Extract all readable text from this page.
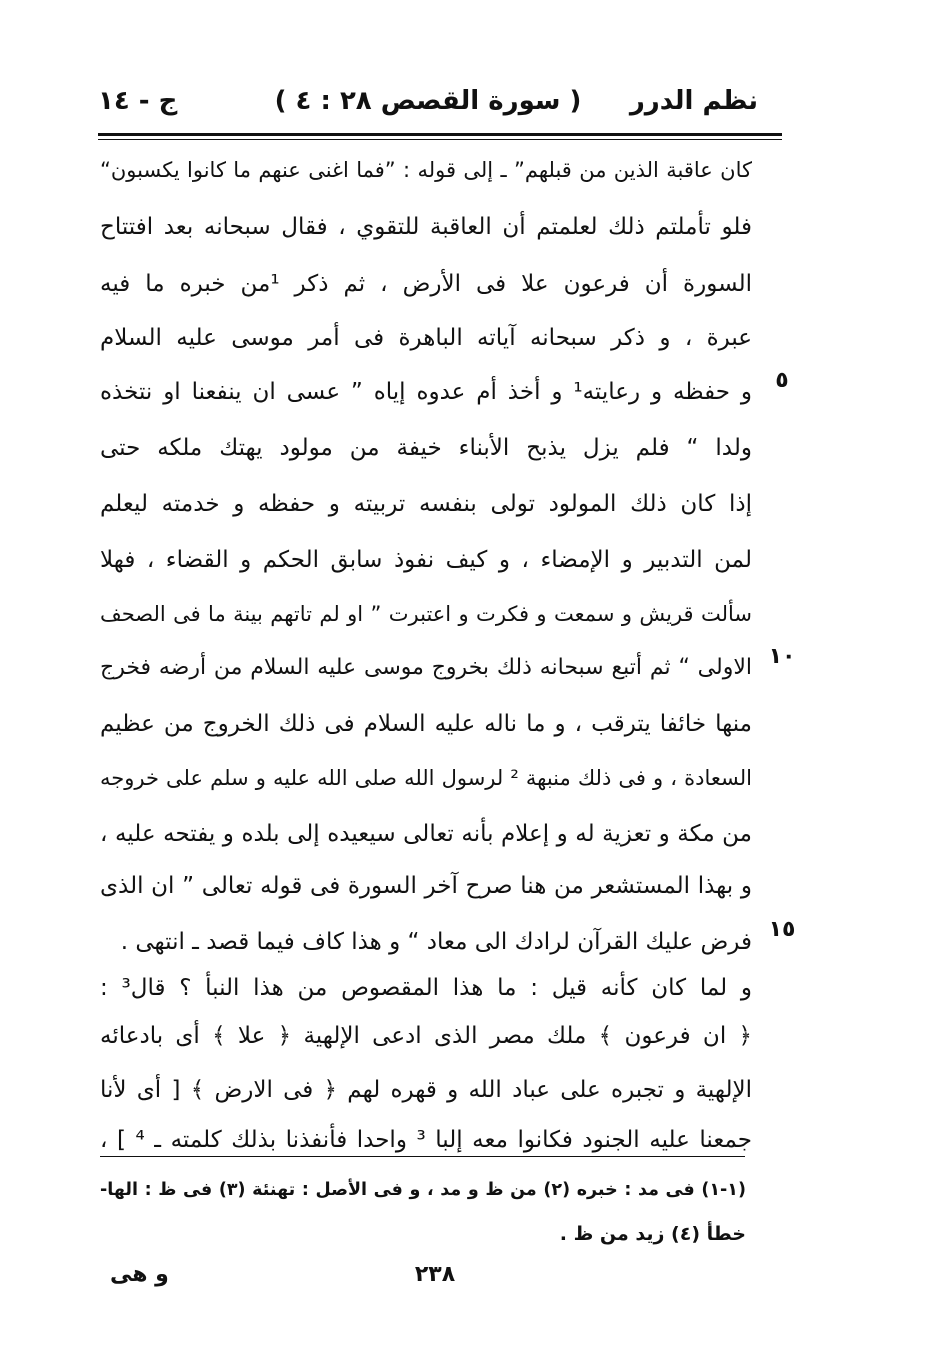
نظم الدرر
( سورة القصص ٢٨ : ٤ )
ج - ١٤
كان عاقبة الذين من قبلهم” ـ إلى قوله : ”فما اغنى عنهم ما كانوا يكسبون“
فلو تأملتم ذلك لعلمتم أن العاقبة للتقوي ، فقال سبحانه بعد افتتاح
السورة أن فرعون علا فى الأرض ، ثم ذكر ¹من خبره ما فيه
عبرة ، و ذكر سبحانه آياته الباهرة فى أمر موسى عليه السلام
و حفظه و رعايته¹ و أخذ أم عدوه إياه ” عسى ان ينفعنا او نتخذه
ولدا “ فلم يزل يذبح الأبناء خيفة من مولود يهتك ملكه حتى
إذا كان ذلك المولود تولى بنفسه تربيته و حفظه و خدمته ليعلم
لمن التدبير و الإمضاء ، و كيف نفوذ سابق الحكم و القضاء ، فهلا
سألت قريش و سمعت و فكرت و اعتبرت ” او لم تاتهم بينة ما فى الصحف
الاولى “ ثم أتبع سبحانه ذلك بخروج موسى عليه السلام من أرضه فخرج
منها خائفا يترقب ، و ما ناله عليه السلام فى ذلك الخروج من عظيم
السعادة ، و فى ذلك منبهة ² لرسول الله صلى الله عليه و سلم على خروجه
من مكة و تعزية له و إعلام بأنه تعالى سيعيده إلى بلده و يفتحه عليه ،
و بهذا المستشعر من هنا صرح آخر السورة فى قوله تعالى ” ان الذى
فرض عليك القرآن لرادك الى معاد “ و هذا كاف فيما قصد ـ انتهى .
و لما كان كأنه قيل : ما هذا المقصوص من هذا النبأ ؟ قال³ :
﴿ ان فرعون ﴾ ملك مصر الذى ادعى الإلهية ﴿ علا ﴾ أى بادعائه
الإلهية و تجبره على عباد الله و قهره لهم ﴿ فى الارض ﴾ [ أى لأنا
جمعنا عليه الجنود فكانوا معه إلبا ³ واحدا فأنفذنا بذلك كلمته ـ ⁴ ] ،
٥
١٠
١٥
(١-١) فى مد : خبره (٢) من ظ و مد ، و فى الأصل : تهنئة (٣) فى ظ : الها-
خطأ (٤) زيد من ظ .
٢٣٨
و هى
